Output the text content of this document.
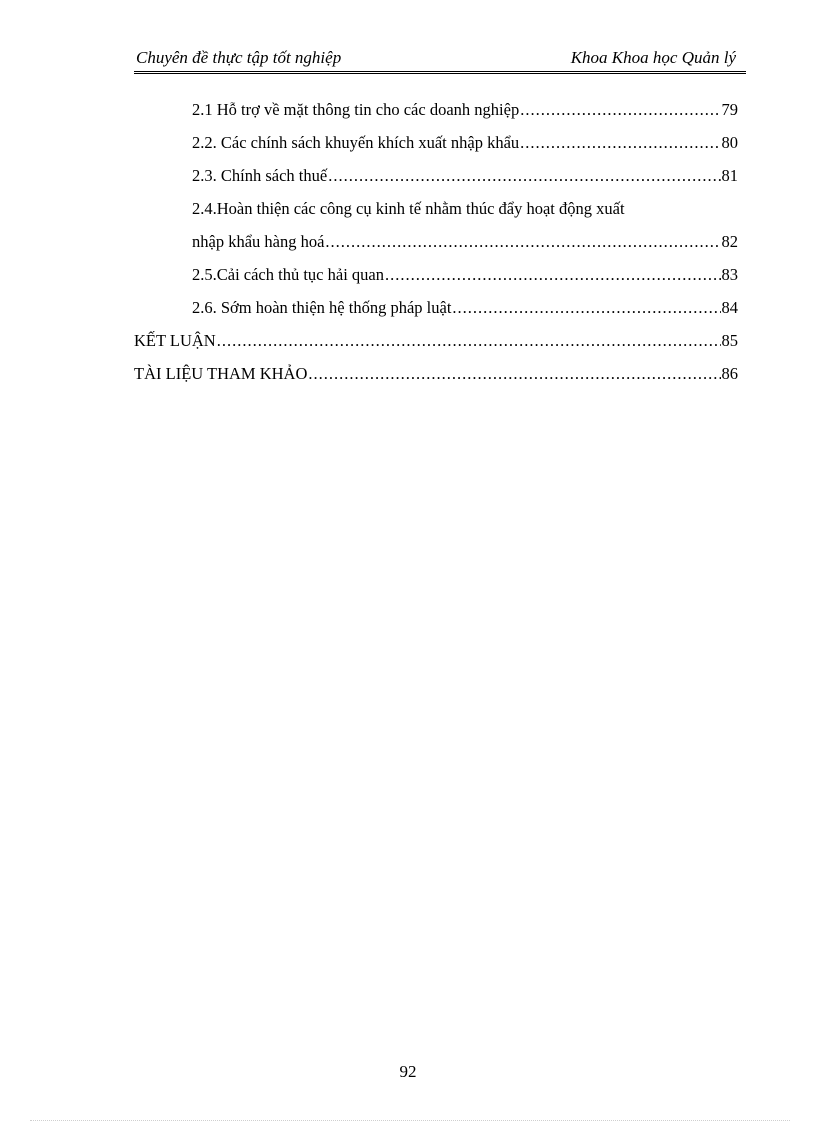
Chuyên đề thực tập tốt nghiệp	Khoa Khoa học Quản lý
2.1 Hỗ trợ về mặt thông tin cho các doanh nghiệp .....	79
2.2. Các chính sách khuyến khích xuất nhập khẩu .....	80
2.3. Chính sách thuế .....	81
2.4.Hoàn thiện các công cụ kinh tế nhằm thúc đẩy hoạt động xuất
nhập khẩu hàng hoá .....	82
2.5.Cải cách thủ tục hải quan .....	83
2.6. Sớm hoàn thiện hệ thống pháp luật .....	84
KẾT LUẬN .....	85
TÀI LIỆU THAM KHẢO .....	86
92
